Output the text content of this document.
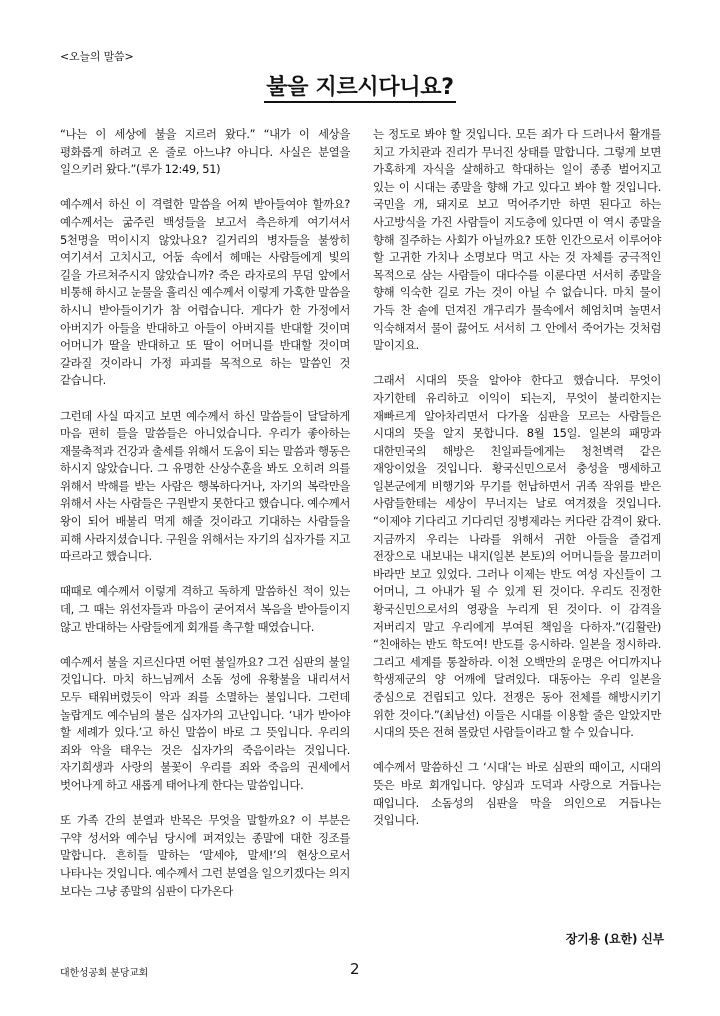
<오늘의 말씀>
불을 지르시다니요?

“나는 이 세상에 불을 지르러 왔다.” “내가 이 세상을 평화롭게 하려고 온 줄로 아느냐? 아니다. 사실은 분열을 일으키러 왔다.”(루가 12:49, 51)

예수께서 하신 이 격렬한 말씀을 어찌 받아들여야 할까요? 예수께서는 굶주린 백성들을 보고서 측은하게 여기셔서 5천명을 먹이시지 않았나요? 길거리의 병자들을 불쌍히 여기셔서 고치시고, 어둠 속에서 헤매는 사람들에게 빛의 길을 가르쳐주시지 않았습니까? 죽은 라자로의 무덤 앞에서 비통해 하시고 눈물을 흘리신 예수께서 이렇게 가혹한 말씀을 하시니 받아들이기가 참 어렵습니다. 게다가 한 가정에서 아버지가 아들을 반대하고 아들이 아버지를 반대할 것이며 어머니가 딸을 반대하고 또 딸이 어머니를 반대할 것이며 갈라질 것이라니 가정 파괴를 목적으로 하는 말씀인 것 같습니다.

그런데 사실 따지고 보면 예수께서 하신 말씀들이 달달하게 마음 편히 들을 말씀들은 아니었습니다. 우리가 좋아하는 재물축적과 건강과 출세를 위해서 도움이 되는 말씀과 행동은 하시지 않았습니다. 그 유명한 산상수훈을 봐도 오히려 의를 위해서 박해를 받는 사람은 행복하다거나, 자기의 복락만을 위해서 사는 사람들은 구원받지 못한다고 했습니다. 예수께서 왕이 되어 배불리 먹게 해줄 것이라고 기대하는 사람들을 피해 사라지셨습니다. 구원을 위해서는 자기의 십자가를 지고 따르라고 했습니다.

때때로 예수께서 이렇게 격하고 독하게 말씀하신 적이 있는 데, 그 때는 위선자들과 마음이 굳어져서 복음을 받아들이지 않고 반대하는 사람들에게 회개를 촉구할 때였습니다.

예수께서 불을 지르신다면 어떤 불일까요? 그건 심판의 불일 것입니다. 마치 하느님께서 소돔 성에 유황불을 내리셔서 모두 태워버렸듯이 악과 죄를 소멸하는 불입니다. 그런데 놀랍게도 예수님의 불은 십자가의 고난입니다. ‘내가 받아야 할 세례가 있다.’고 하신 말씀이 바로 그 뜻입니다. 우리의 죄와 악을 태우는 것은 십자가의 죽음이라는 것입니다. 자기희생과 사랑의 불꽃이 우리를 죄와 죽음의 권세에서 벗어나게 하고 새롭게 태어나게 한다는 말씀입니다.

또 가족 간의 분열과 반목은 무엇을 말할까요? 이 부분은 구약 성서와 예수님 당시에 퍼져있는 종말에 대한 징조를 말합니다. 흔히들 말하는 ‘말세야, 말세!’의 현상으로서 나타나는 것입니다. 예수께서 그런 분열을 일으키겠다는 의지 보다는 그냥 종말의 심판이 다가온다

는 정도로 봐야 할 것입니다. 모든 죄가 다 드러나서 활개를 치고 가치관과 진리가 무너진 상태를 말합니다. 그렇게 보면 가혹하게 자식을 살해하고 학대하는 일이 종종 벌어지고 있는 이 시대는 종말을 향해 가고 있다고 봐야 할 것입니다. 국민을 개, 돼지로 보고 먹어주기만 하면 된다고 하는 사고방식을 가진 사람들이 지도층에 있다면 이 역시 종말을 향해 질주하는 사회가 아닐까요? 또한 인간으로서 이루어야 할 고귀한 가치나 소명보다 먹고 사는 것 자체를 궁극적인 목적으로 삼는 사람들이 대다수를 이룬다면 서서히 종말을 향해 익숙한 길로 가는 것이 아닐 수 없습니다. 마치 물이 가득 찬 솥에 던져진 개구리가 물속에서 헤엄치며 놀면서 익숙해져서 물이 끓어도 서서히 그 안에서 죽어가는 것처럼 말이지요.

그래서 시대의 뜻을 알아야 한다고 했습니다. 무엇이 자기한테 유리하고 이익이 되는지, 무엇이 불리한지는 재빠르게 알아차리면서 다가올 심판을 모르는 사람들은 시대의 뜻을 알지 못합니다. 8월 15일. 일본의 패망과 대한민국의 해방은 친일파들에게는 청천벽력 같은 재앙이었을 것입니다. 황국신민으로서 충성을 맹세하고 일본군에게 비행기와 무기를 헌납하면서 귀족 작위를 받은 사람들한테는 세상이 무너지는 날로 여겨졌을 것입니다. “이제야 기다리고 기다리던 징병제라는 커다란 감격이 왔다. 지금까지 우리는 나라를 위해서 귀한 아들을 즐겁게 전장으로 내보내는 내지(일본 본토)의 어머니들을 물끄러미 바라만 보고 있었다. 그러나 이제는 반도 여성 자신들이 그 어머니, 그 아내가 될 수 있게 된 것이다. 우리도 진정한 황국신민으로서의 영광을 누리게 된 것이다. 이 감격을 저버리지 말고 우리에게 부여된 책임을 다하자.”(김활란) “친애하는 반도 학도여! 반도를 응시하라. 일본을 정시하라. 그리고 세계를 통찰하라. 이천 오백만의 운명은 어디까지나 학생제군의 양 어깨에 달려있다. 대동아는 우리 일본을 중심으로 건립되고 있다. 전쟁은 동아 전체를 해방시키기 위한 것이다.”(최남선) 이들은 시대를 이용할 줄은 알았지만 시대의 뜻은 전혀 몰랐던 사람들이라고 할 수 있습니다.

예수께서 말씀하신 그 ‘시대’는 바로 심판의 때이고, 시대의 뜻은 바로 회개입니다. 양심과 도덕과 사랑으로 거듭나는 때입니다. 소돔성의 심판을 막을 의인으로 거듭나는 것입니다.

장기용 (요한) 신부
대한성공회 분당교회	2
